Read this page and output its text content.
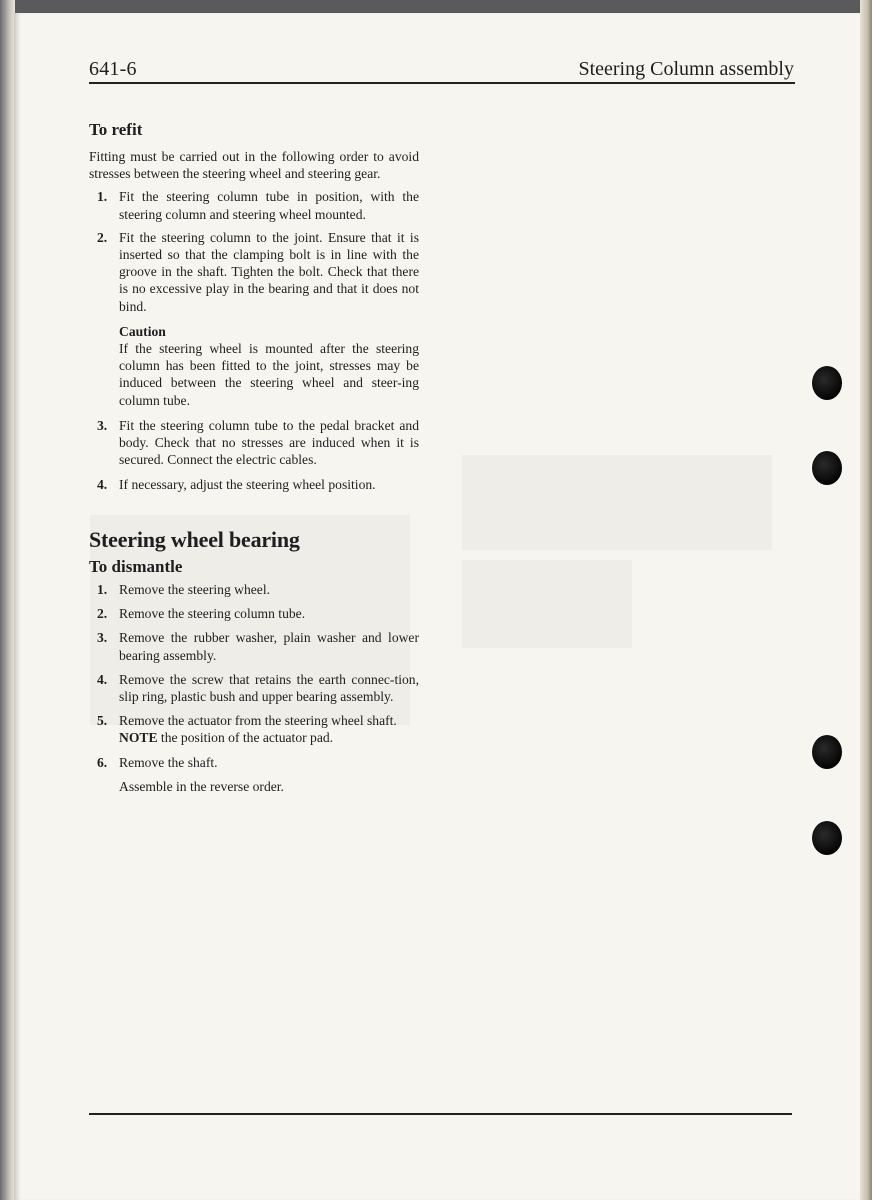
641-6	Steering Column assembly
To refit

Fitting must be carried out in the following order to avoid stresses between the steering wheel and steering gear.

1. Fit the steering column tube in position, with the steering column and steering wheel mounted.
2. Fit the steering column to the joint. Ensure that it is inserted so that the clamping bolt is in line with the groove in the shaft. Tighten the bolt. Check that there is no excessive play in the bearing and that it does not bind.
Caution
If the steering wheel is mounted after the steering column has been fitted to the joint, stresses may be induced between the steering wheel and steer-ing column tube.
3. Fit the steering column tube to the pedal bracket and body. Check that no stresses are induced when it is secured. Connect the electric cables.
4. If necessary, adjust the steering wheel position.
Steering wheel bearing
To dismantle
1. Remove the steering wheel.
2. Remove the steering column tube.
3. Remove the rubber washer, plain washer and lower bearing assembly.
4. Remove the screw that retains the earth connec-tion, slip ring, plastic bush and upper bearing assembly.
5. Remove the actuator from the steering wheel shaft.
NOTE the position of the actuator pad.
6. Remove the shaft.

Assemble in the reverse order.
